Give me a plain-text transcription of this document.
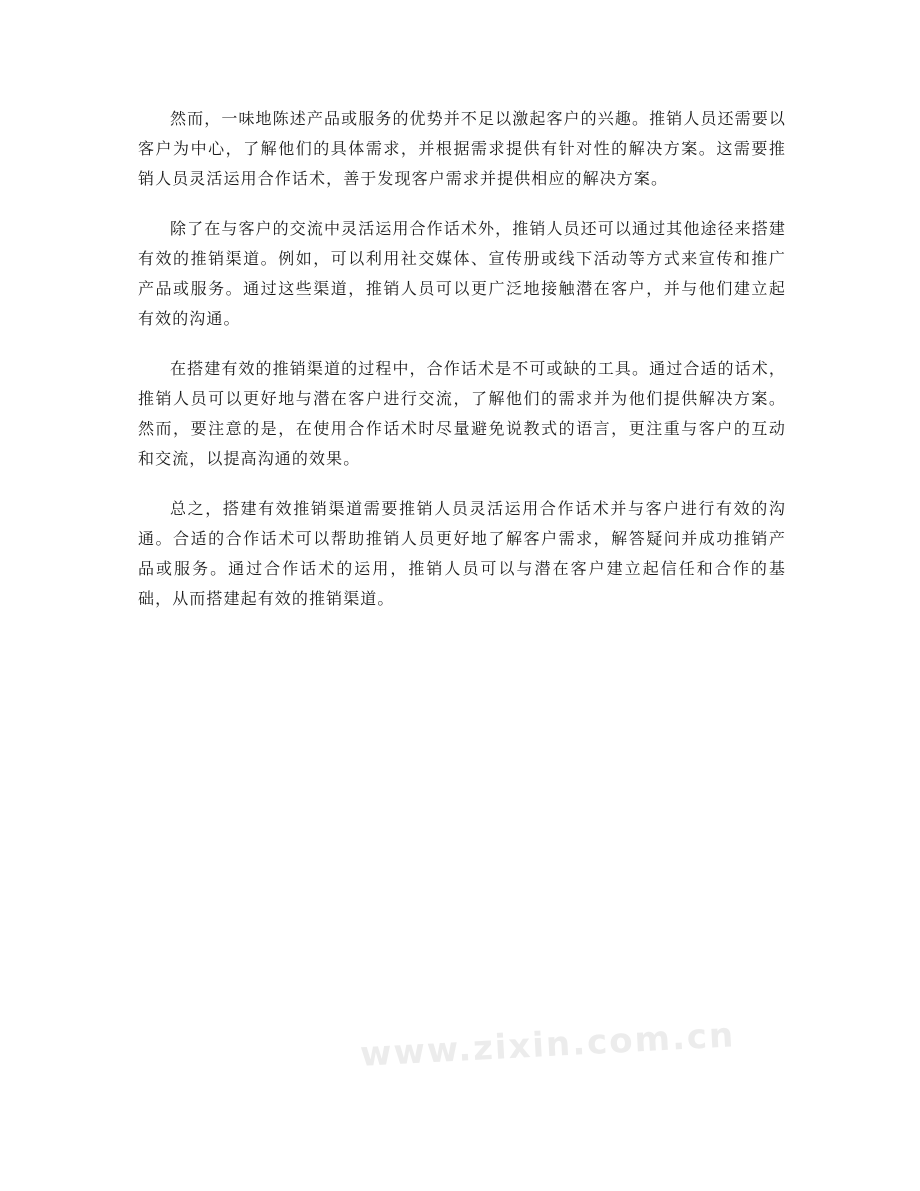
然而，一味地陈述产品或服务的优势并不足以激起客户的兴趣。推销人员还需要以客户为中心，了解他们的具体需求，并根据需求提供有针对性的解决方案。这需要推销人员灵活运用合作话术，善于发现客户需求并提供相应的解决方案。

除了在与客户的交流中灵活运用合作话术外，推销人员还可以通过其他途径来搭建有效的推销渠道。例如，可以利用社交媒体、宣传册或线下活动等方式来宣传和推广产品或服务。通过这些渠道，推销人员可以更广泛地接触潜在客户，并与他们建立起有效的沟通。

在搭建有效的推销渠道的过程中，合作话术是不可或缺的工具。通过合适的话术，推销人员可以更好地与潜在客户进行交流，了解他们的需求并为他们提供解决方案。然而，要注意的是，在使用合作话术时尽量避免说教式的语言，更注重与客户的互动和交流，以提高沟通的效果。

总之，搭建有效推销渠道需要推销人员灵活运用合作话术并与客户进行有效的沟通。合适的合作话术可以帮助推销人员更好地了解客户需求，解答疑问并成功推销产品或服务。通过合作话术的运用，推销人员可以与潜在客户建立起信任和合作的基础，从而搭建起有效的推销渠道。

www.zixin.com.cn
